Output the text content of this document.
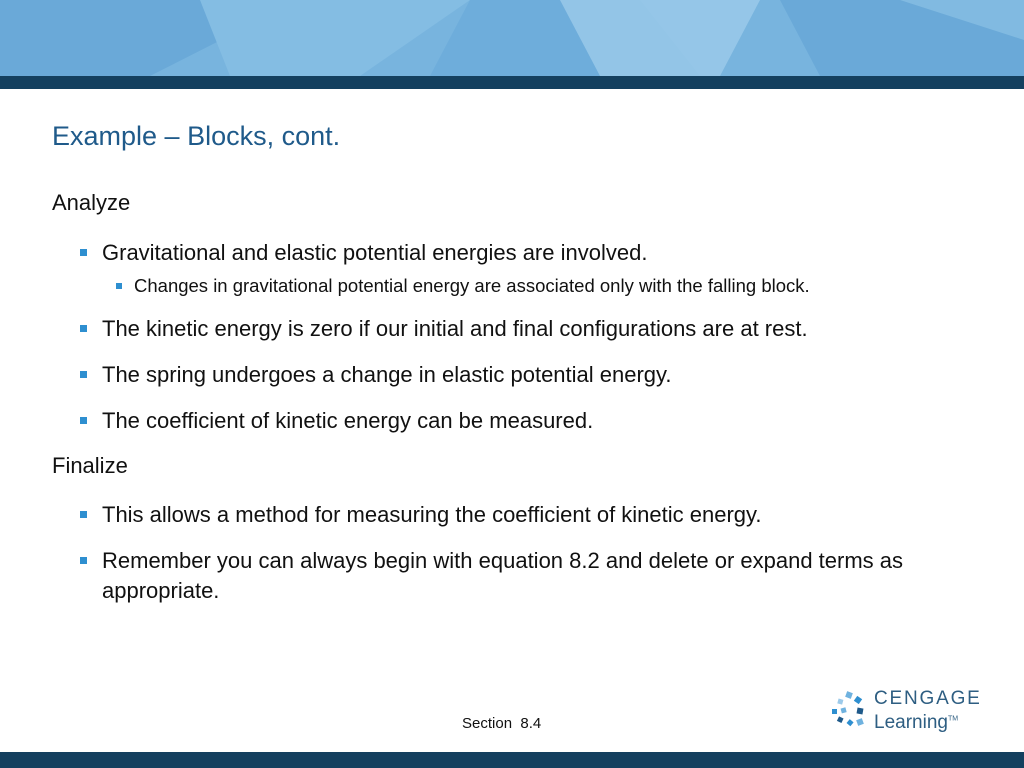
Example – Blocks, cont.

Analyze

Gravitational and elastic potential energies are involved.
Changes in gravitational potential energy are associated only with the falling block.
The kinetic energy is zero if our initial and final configurations are at rest.
The spring undergoes a change in elastic potential energy.
The coefficient of kinetic energy can be measured.

Finalize

This allows a method for measuring the coefficient of kinetic energy.
Remember you can always begin with equation 8.2 and delete or expand terms as appropriate.
Section  8.4
CENGAGE
Learning™
